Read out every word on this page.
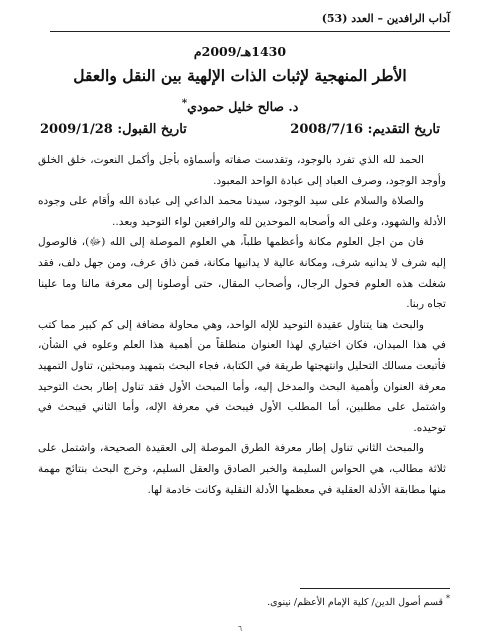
آداب الرافدين – العدد (53)
1430هـ/2009م
الأطر المنهجية لإثبات الذات الإلهية بين النقل والعقل
د. صالح خليل حمودي*
تاريخ التقديم: 2008/7/16
تاريخ القبول: 2009/1/28

الحمد لله الذي تفرد بالوجود، وتقدست صفاته وأسماؤه بأجل وأكمل النعوت، خلق الخلق وأوجد الوجود، وصرف العباد إلى عبادة الواحد المعبود.

والصلاة والسلام على سيد الوجود، سيدنا محمد الداعي إلى عبادة الله وأقام على وجوده الأدلة والشهود، وعلى اله وأصحابه الموحدين لله والرافعين لواء التوحيد وبعد..

فان من اجل العلوم مكانة وأعظمها طلباً، هي العلوم الموصلة إلى الله (ﷻ)، فالوصول إليه شرف لا يدانيه شرف، ومكانة عالية لا يدانيها مكانة، فمن ذاق عرف، ومن جهل دلف، فقد شغلت هذه العلوم فحول الرجال، وأصحاب المقال، حتى أوصلونا إلى معرفة مالنا وما علينا تجاه ربنا.

والبحث هنا يتناول عقيدة التوحيد للإله الواحد، وهي محاولة مضافة إلى كم كبير مما كتب في هذا الميدان، فكان اختياري لهذا العنوان منطلقاً من أهمية هذا العلم وعلوه في الشأن، فأتبعت مسالك التحليل وانتهجتها طريقة في الكتابة، فجاء البحث بتمهيد ومبحثين، تناول التمهيد معرفة العنوان وأهمية البحث والمدخل إليه، وأما المبحث الأول فقد تناول إطار بحث التوحيد واشتمل على مطلبين، أما المطلب الأول فيبحث في معرفة الإله، وأما الثاني فيبحث في توحيده.

والمبحث الثاني تناول إطار معرفة الطرق الموصلة إلى العقيدة الصحيحة، واشتمل على ثلاثة مطالب، هي الحواس السليمة والخبر الصادق والعقل السليم، وخرج البحث بنتائج مهمة منها مطابقة الأدلة العقلية في معظمها الأدلة النقلية وكانت خادمة لها.

* قسم أصول الدين/ كلية الإمام الأعظم/ نينوى.
٦
